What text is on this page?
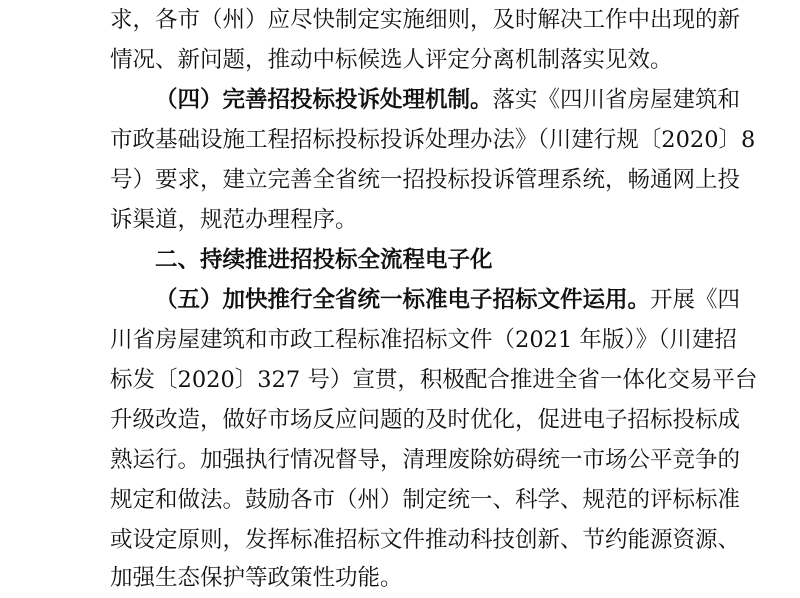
求，各市（州）应尽快制定实施细则，及时解决工作中出现的新
情况、新问题，推动中标候选人评定分离机制落实见效。
（四）完善招投标投诉处理机制。落实《四川省房屋建筑和
市政基础设施工程招标投标投诉处理办法》（川建行规〔2020〕8
号）要求，建立完善全省统一招投标投诉管理系统，畅通网上投
诉渠道，规范办理程序。
二、持续推进招投标全流程电子化
（五）加快推行全省统一标准电子招标文件运用。开展《四
川省房屋建筑和市政工程标准招标文件（2021 年版）》（川建招
标发〔2020〕327 号）宣贯，积极配合推进全省一体化交易平台
升级改造，做好市场反应问题的及时优化，促进电子招标投标成
熟运行。加强执行情况督导，清理废除妨碍统一市场公平竞争的
规定和做法。鼓励各市（州）制定统一、科学、规范的评标标准
或设定原则，发挥标准招标文件推动科技创新、节约能源资源、
加强生态保护等政策性功能。
